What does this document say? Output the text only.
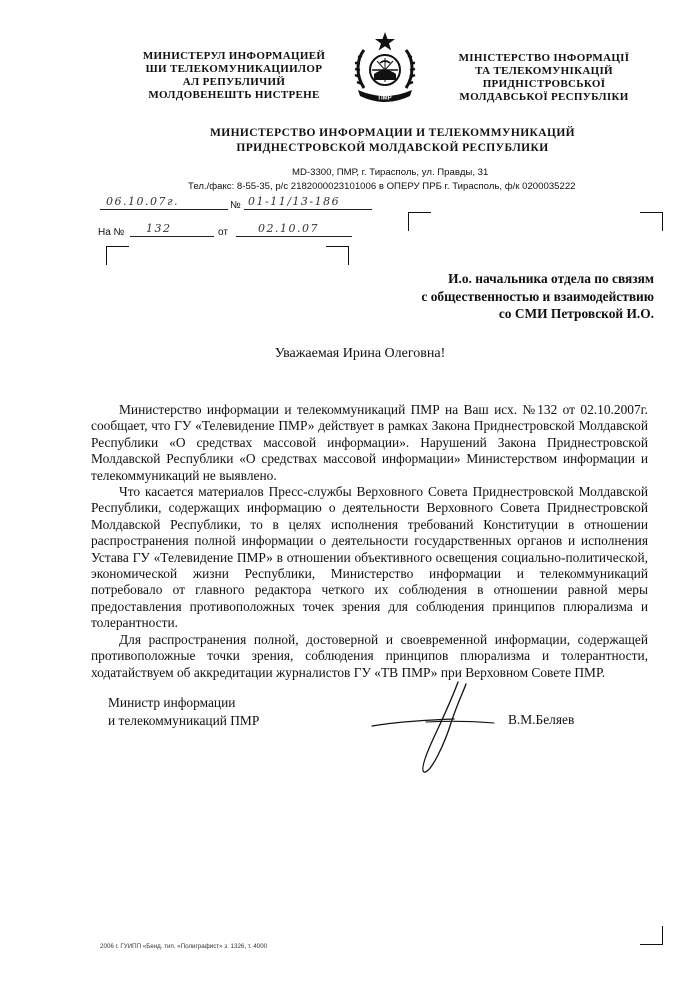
МИНИСТЕРУЛ ИНФОРМАЦИЕЙ
ШИ ТЕЛЕКОМУНИКАЦИИЛОР
АЛ РЕПУБЛИЧИЙ
МОЛДОВЕНЕШТЬ НИСТРЕНЕ	ПМР
МІНІСТЕРСТВО ІНФОРМАЦІЇ
ТА ТЕЛЕКОМУНІКАЦІЙ
ПРИДНІСТРОВСЬКОЇ
МОЛДАВСЬКОЇ РЕСПУБЛІКИ
МИНИСТЕРСТВО ИНФОРМАЦИИ И ТЕЛЕКОММУНИКАЦИЙ
ПРИДНЕСТРОВСКОЙ МОЛДАВСКОЙ РЕСПУБЛИКИ
MD-3300, ПМР, г. Тирасполь, ул. Правды, 31
Тел./факс: 8-55-35, р/с 2182000023101006 в ОПЕРУ ПРБ г. Тирасполь, ф/к 0200035222
06.10.07г.	№ 01-11/13-186
На № 132	от	02.10.07
И.о. начальника отдела по связям
с общественностью и взаимодействию
со СМИ Петровской И.О.
Уважаемая Ирина Олеговна!

Министерство информации и телекоммуникаций ПМР на Ваш исх. №132 от 02.10.2007г. сообщает, что ГУ «Телевидение ПМР» действует в рамках Закона Приднестровской Молдавской Республики «О средствах массовой информации». Нарушений Закона Приднестровской Молдавской Республики «О средствах массовой информации» Министерством информации и телекоммуникаций не выявлено.

Что касается материалов Пресс-службы Верховного Совета Приднестровской Молдавской Республики, содержащих информацию о деятельности Верховного Совета Приднестровской Молдавской Республики, то в целях исполнения требований Конституции в отношении распространения полной информации о деятельности государственных органов и исполнения Устава ГУ «Телевидение ПМР» в отношении объективного освещения социально-политической, экономической жизни Республики, Министерство информации и телекоммуникаций потребовало от главного редактора четкого их соблюдения в отношении равной меры предоставления противоположных точек зрения для соблюдения принципов плюрализма и толерантности.

Для распространения полной, достоверной и своевременной информации, содержащей противоположные точки зрения, соблюдения принципов плюрализма и толерантности, ходатайствуем об аккредитации журналистов ГУ «ТВ ПМР» при Верховном Совете ПМР.

Министр информации
и телекоммуникаций ПМР	В.М.Беляев
2006 г. ГУИПП «Бенд. тип. «Полиграфист» з. 1326, т. 4000
